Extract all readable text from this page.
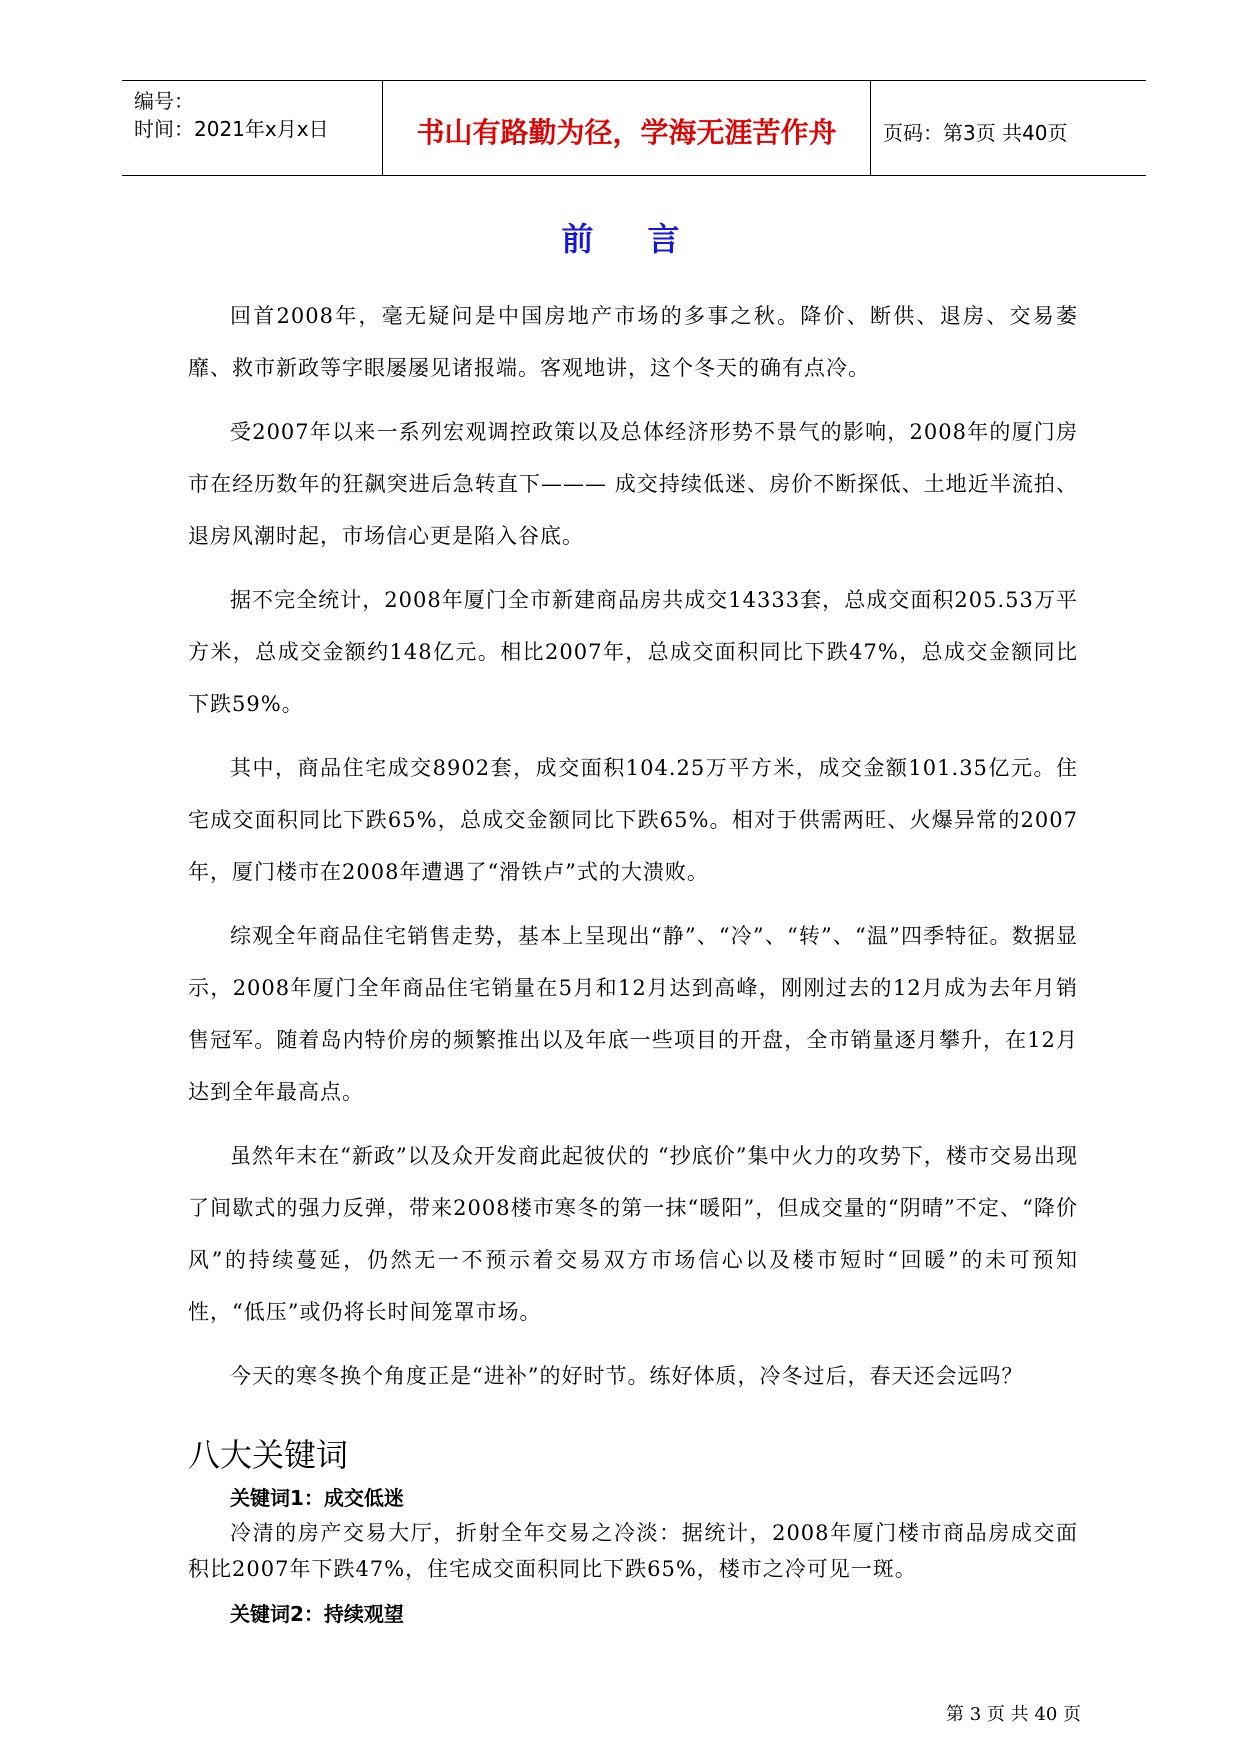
编号：
时间：2021年x月x日	书山有路勤为径，学海无涯苦作舟	页码：第3页 共40页
前言

回首2008年，毫无疑问是中国房地产市场的多事之秋。降价、断供、退房、交易萎靡、救市新政等字眼屡屡见诸报端。客观地讲，这个冬天的确有点冷。

受2007年以来一系列宏观调控政策以及总体经济形势不景气的影响，2008年的厦门房市在经历数年的狂飙突进后急转直下——— 成交持续低迷、房价不断探低、土地近半流拍、退房风潮时起，市场信心更是陷入谷底。

据不完全统计，2008年厦门全市新建商品房共成交14333套，总成交面积205.53万平方米，总成交金额约148亿元。相比2007年，总成交面积同比下跌47%，总成交金额同比下跌59%。

其中，商品住宅成交8902套，成交面积104.25万平方米，成交金额101.35亿元。住宅成交面积同比下跌65%，总成交金额同比下跌65%。相对于供需两旺、火爆异常的2007年，厦门楼市在2008年遭遇了“滑铁卢”式的大溃败。

综观全年商品住宅销售走势，基本上呈现出“静”、“冷”、“转”、“温”四季特征。数据显示，2008年厦门全年商品住宅销量在5月和12月达到高峰，刚刚过去的12月成为去年月销售冠军。随着岛内特价房的频繁推出以及年底一些项目的开盘，全市销量逐月攀升，在12月达到全年最高点。

虽然年末在“新政”以及众开发商此起彼伏的 “抄底价”集中火力的攻势下，楼市交易出现了间歇式的强力反弹，带来2008楼市寒冬的第一抹“暖阳”，但成交量的“阴晴”不定、“降价风”的持续蔓延，仍然无一不预示着交易双方市场信心以及楼市短时“回暖”的未可预知性，“低压”或仍将长时间笼罩市场。

今天的寒冬换个角度正是“进补”的好时节。练好体质，冷冬过后，春天还会远吗？

八大关键词
关键词1：成交低迷

冷清的房产交易大厅，折射全年交易之冷淡：据统计，2008年厦门楼市商品房成交面积比2007年下跌47%，住宅成交面积同比下跌65%，楼市之冷可见一斑。

关键词2：持续观望
第 3 页 共 40 页
